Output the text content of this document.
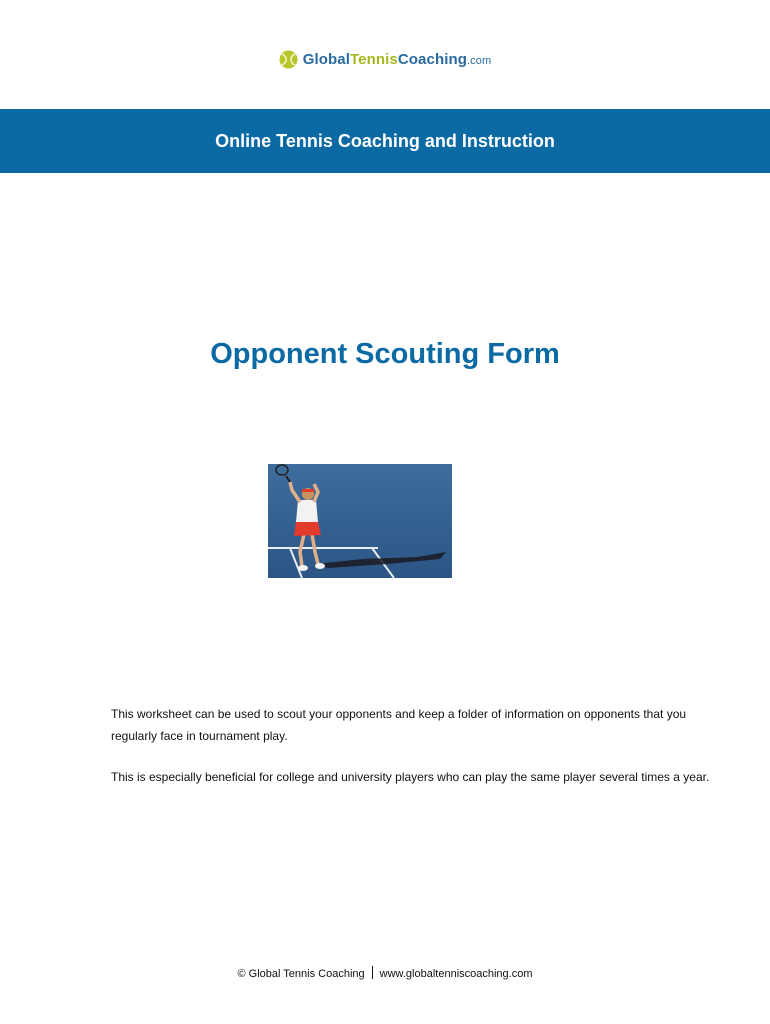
GlobalTennisCoaching.com
Online Tennis Coaching and Instruction
Opponent Scouting Form

This worksheet can be used to scout your opponents and keep a folder of information on opponents that you regularly face in tournament play.

This is especially beneficial for college and university players who can play the same player several times a year.

© Global Tennis Coaching www.globaltenniscoaching.com
